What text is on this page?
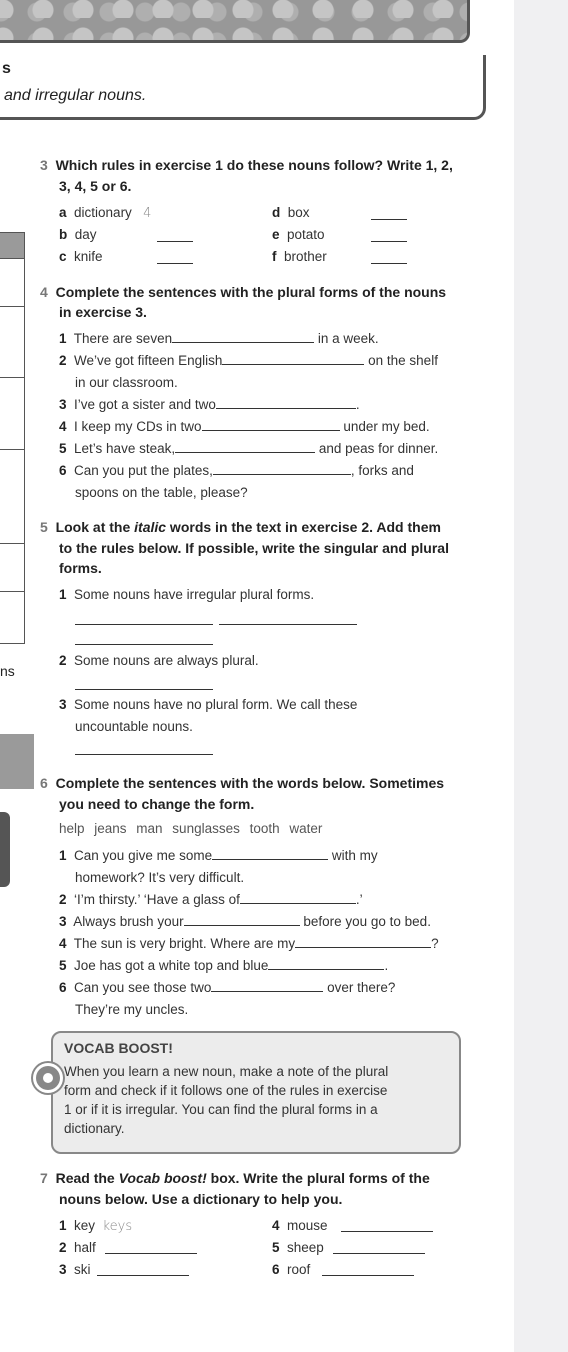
s
and irregular nouns.
ns
3 Which rules in exercise 1 do these nouns follow? Write 1, 2,
3, 4, 5 or 6.
a dictionary 4
b day
c knife
d box
e potato
f brother
4 Complete the sentences with the plural forms of the nouns
in exercise 3.
1 There are seven	in a week.
2 We’ve got fifteen English	on the shelf
in our classroom.
3 I’ve got a sister and two	.
4 I keep my CDs in two	under my bed.
5 Let’s have steak,	and peas for dinner.
6 Can you put the plates,	, forks and
spoons on the table, please?
5 Look at the italic words in the text in exercise 2. Add them
to the rules below. If possible, write the singular and plural
forms.
1 Some nouns have irregular plural forms.
2 Some nouns are always plural.
3 Some nouns have no plural form. We call these
uncountable nouns.
6 Complete the sentences with the words below. Sometimes
you need to change the form.
help jeans man sunglasses tooth water
1 Can you give me some	with my
homework? It’s very difficult.
2 ‘I’m thirsty.’ ‘Have a glass of	.’
3 Always brush your	before you go to bed.
4 The sun is very bright. Where are my	?
5 Joe has got a white top and blue	.
6 Can you see those two	over there?
They’re my uncles.
VOCAB BOOST!
When you learn a new noun, make a note of the plural
form and check if it follows one of the rules in exercise
1 or if it is irregular. You can find the plural forms in a
dictionary.
7 Read the Vocab boost! box. Write the plural forms of the
nouns below. Use a dictionary to help you.
1 key keys
2 half
3 ski
4 mouse
5 sheep
6 roof
